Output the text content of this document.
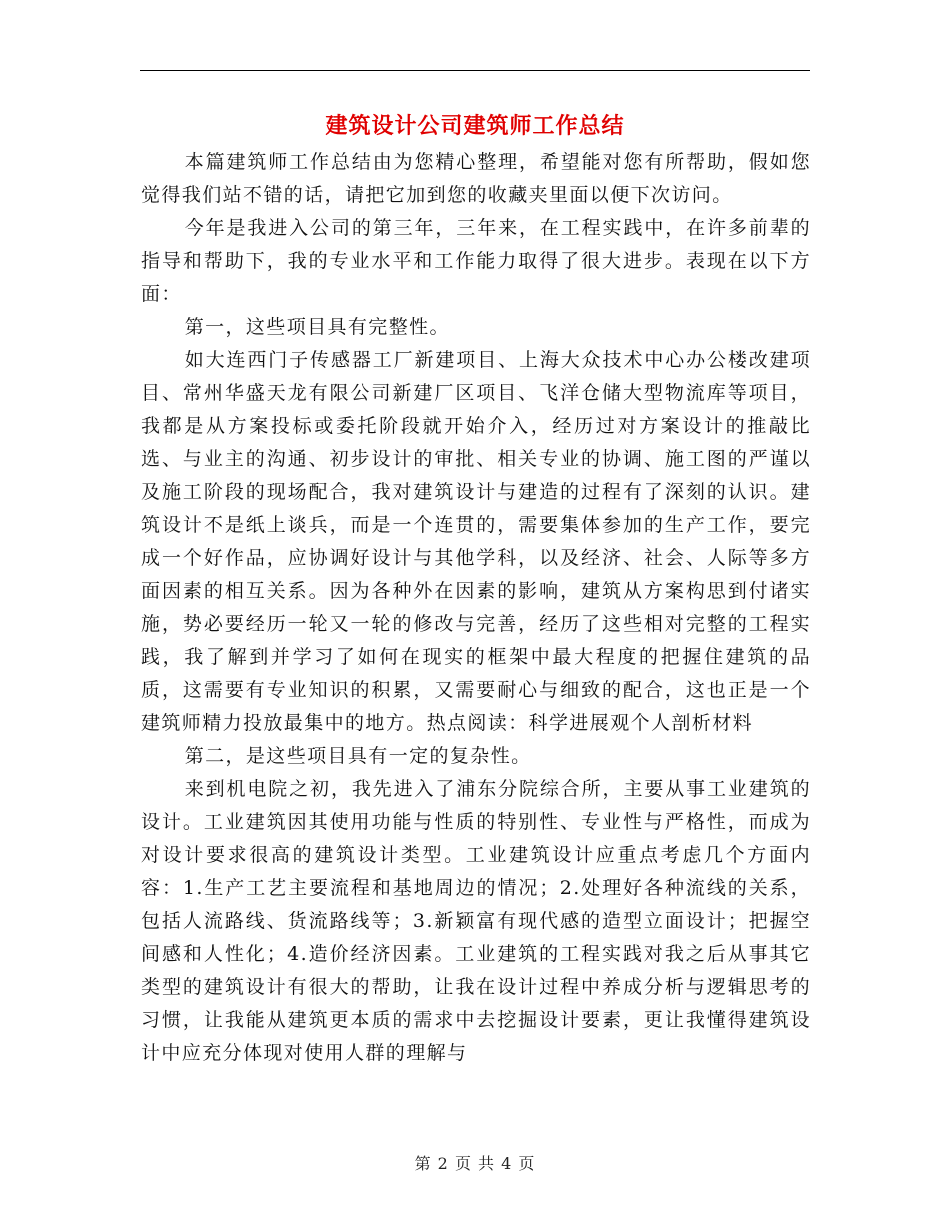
建筑设计公司建筑师工作总结

本篇建筑师工作总结由为您精心整理，希望能对您有所帮助，假如您觉得我们站不错的话，请把它加到您的收藏夹里面以便下次访问。

今年是我进入公司的第三年，三年来，在工程实践中，在许多前辈的指导和帮助下，我的专业水平和工作能力取得了很大进步。表现在以下方面：

第一，这些项目具有完整性。

如大连西门子传感器工厂新建项目、上海大众技术中心办公楼改建项目、常州华盛天龙有限公司新建厂区项目、飞洋仓储大型物流库等项目，我都是从方案投标或委托阶段就开始介入，经历过对方案设计的推敲比选、与业主的沟通、初步设计的审批、相关专业的协调、施工图的严谨以及施工阶段的现场配合，我对建筑设计与建造的过程有了深刻的认识。建筑设计不是纸上谈兵，而是一个连贯的，需要集体参加的生产工作，要完成一个好作品，应协调好设计与其他学科，以及经济、社会、人际等多方面因素的相互关系。因为各种外在因素的影响，建筑从方案构思到付诸实施，势必要经历一轮又一轮的修改与完善，经历了这些相对完整的工程实践，我了解到并学习了如何在现实的框架中最大程度的把握住建筑的品质，这需要有专业知识的积累，又需要耐心与细致的配合，这也正是一个建筑师精力投放最集中的地方。热点阅读：科学进展观个人剖析材料

第二，是这些项目具有一定的复杂性。

来到机电院之初，我先进入了浦东分院综合所，主要从事工业建筑的设计。工业建筑因其使用功能与性质的特别性、专业性与严格性，而成为对设计要求很高的建筑设计类型。工业建筑设计应重点考虑几个方面内容：1.生产工艺主要流程和基地周边的情况；2.处理好各种流线的关系，包括人流路线、货流路线等；3.新颖富有现代感的造型立面设计；把握空间感和人性化；4.造价经济因素。工业建筑的工程实践对我之后从事其它类型的建筑设计有很大的帮助，让我在设计过程中养成分析与逻辑思考的习惯，让我能从建筑更本质的需求中去挖掘设计要素，更让我懂得建筑设计中应充分体现对使用人群的理解与

第 2 页 共 4 页
